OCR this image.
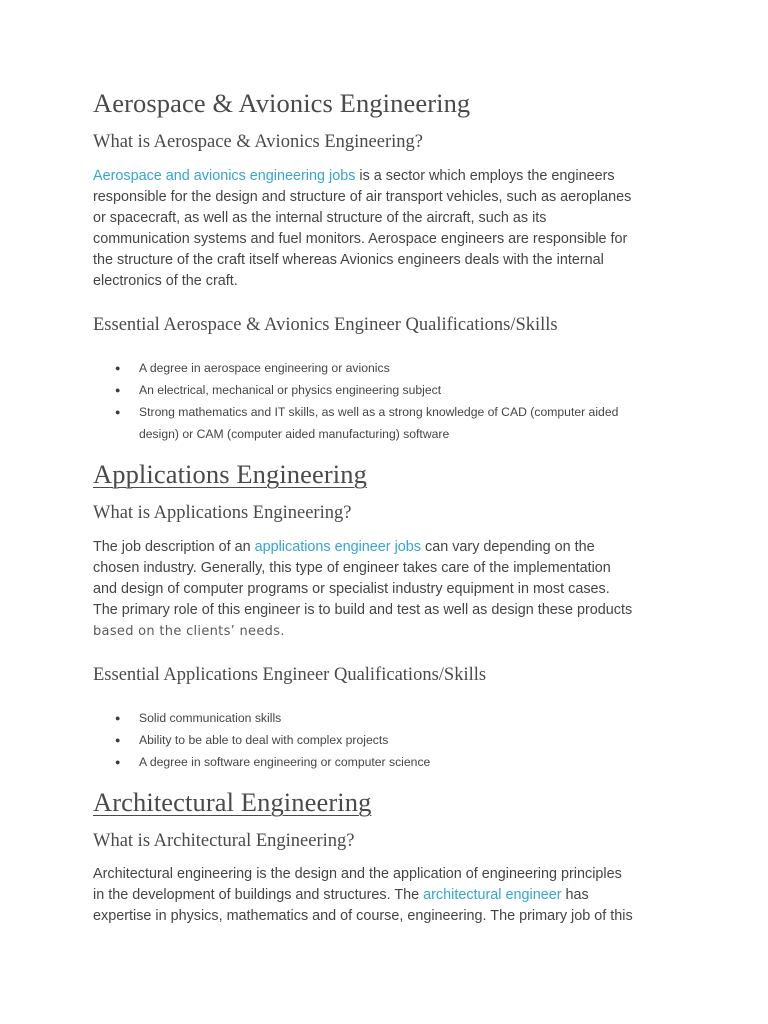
Aerospace & Avionics Engineering
What is Aerospace & Avionics Engineering?

Aerospace and avionics engineering jobs is a sector which employs the engineers
responsible for the design and structure of air transport vehicles, such as aeroplanes
or spacecraft, as well as the internal structure of the aircraft, such as its
communication systems and fuel monitors. Aerospace engineers are responsible for
the structure of the craft itself whereas Avionics engineers deals with the internal
electronics of the craft.

Essential Aerospace & Avionics Engineer Qualifications/Skills
● A degree in aerospace engineering or avionics
● An electrical, mechanical or physics engineering subject
● Strong mathematics and IT skills, as well as a strong knowledge of CAD (computer aided
design) or CAM (computer aided manufacturing) software
Applications Engineering
What is Applications Engineering?

The job description of an applications engineer jobs can vary depending on the
chosen industry. Generally, this type of engineer takes care of the implementation
and design of computer programs or specialist industry equipment in most cases.
The primary role of this engineer is to build and test as well as design these products
based on the clients’ needs.

Essential Applications Engineer Qualifications/Skills
● Solid communication skills
● Ability to be able to deal with complex projects
● A degree in software engineering or computer science
Architectural Engineering
What is Architectural Engineering?

Architectural engineering is the design and the application of engineering principles
in the development of buildings and structures. The architectural engineer has
expertise in physics, mathematics and of course, engineering. The primary job of this
